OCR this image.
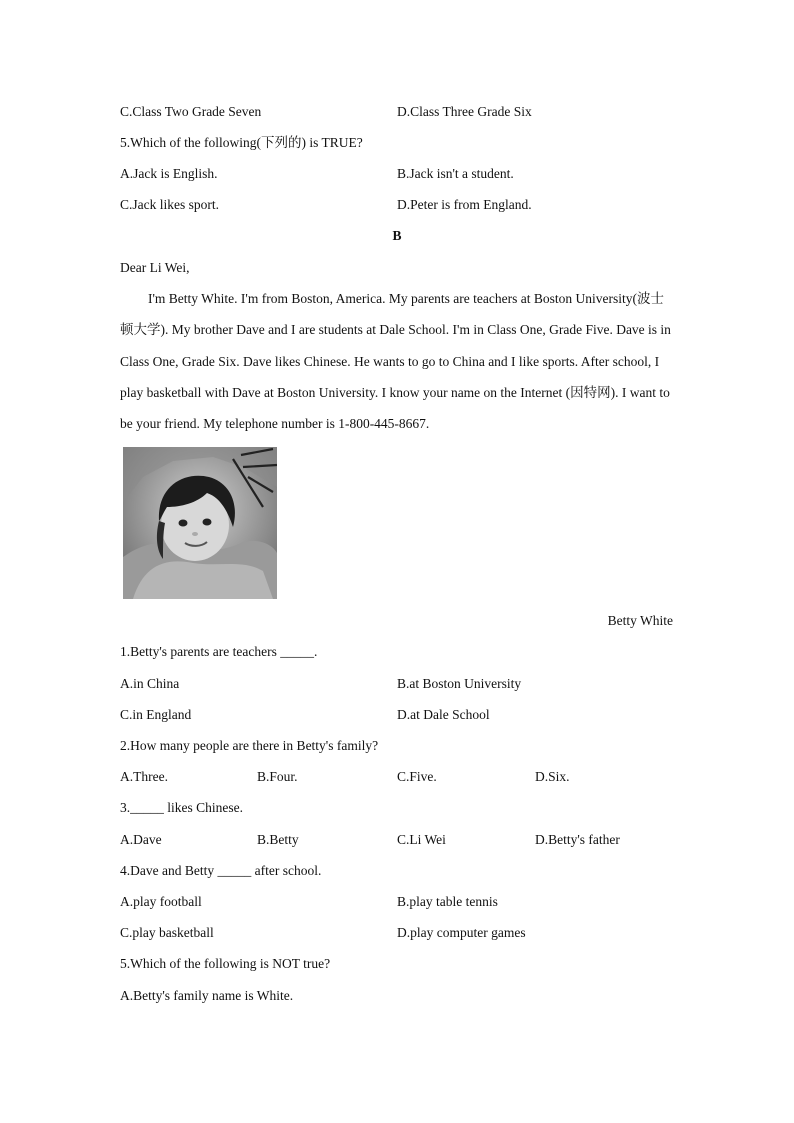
C.Class Two Grade Seven	D.Class Three Grade Six
5.Which of the following(下列的) is TRUE?
A.Jack is English.	B.Jack isn't a student.
C.Jack likes sport.	D.Peter is from England.
B
Dear Li Wei,
I'm Betty White. I'm from Boston, America. My parents are teachers at Boston University(波士顿大学). My brother Dave and I are students at Dale School. I'm in Class One, Grade Five. Dave is in Class One, Grade Six. Dave likes Chinese. He wants to go to China and I like sports. After school, I play basketball with Dave at Boston University. I know your name on the Internet (因特网). I want to be your friend. My telephone number is 1-800-445-8667.
Betty White
1.Betty's parents are teachers _____.
A.in China	B.at Boston University
C.in England	D.at Dale School
2.How many people are there in Betty's family?
A.Three.	B.Four.	C.Five.	D.Six.
3._____ likes Chinese.
A.Dave	B.Betty	C.Li Wei	D.Betty's father
4.Dave and Betty _____ after school.
A.play football	B.play table tennis
C.play basketball	D.play computer games
5.Which of the following is NOT true?
A.Betty's family name is White.
